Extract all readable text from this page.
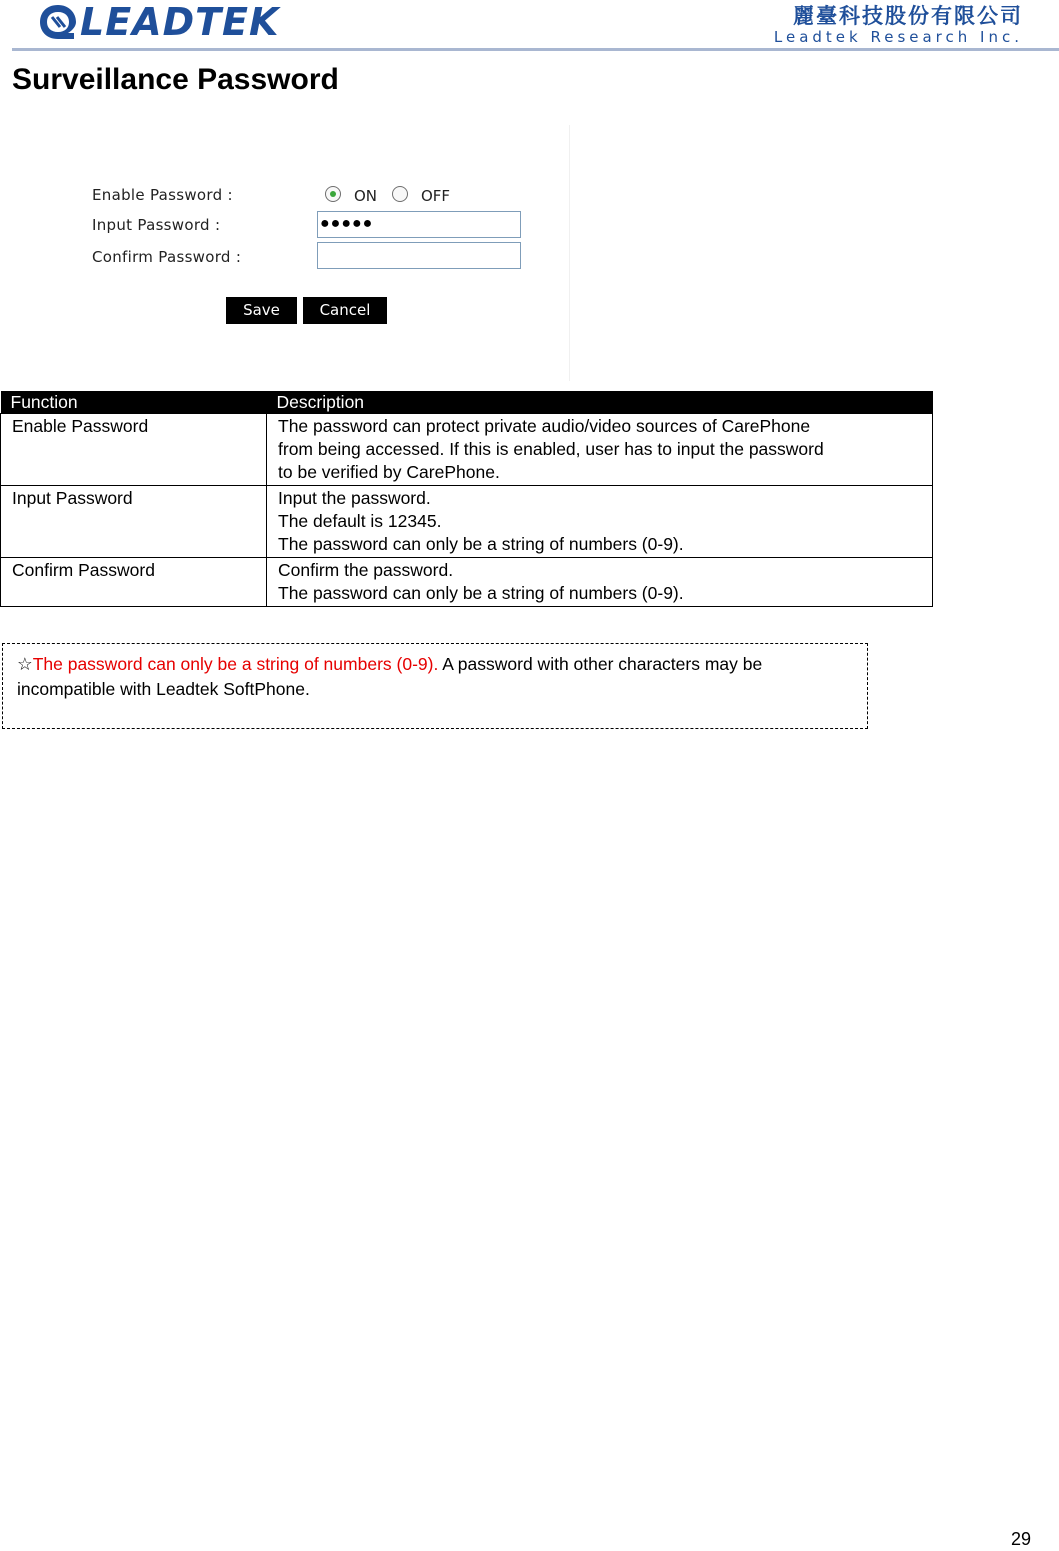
LEADTEK	麗臺科技股份有限公司
Leadtek Research Inc.
Surveillance Password
Enable Password :	ON	OFF
Input Password :	●●●●●
Confirm Password :
Save	Cancel
Function	Description
Enable Password	The password can protect private audio/video sources of CarePhone
from being accessed. If this is enabled, user has to input the password
to be verified by CarePhone.

Input Password	Input the password.
The default is 12345.
The password can only be a string of numbers (0-9).

Confirm Password	Confirm the password.
The password can only be a string of numbers (0-9).
☆The password can only be a string of numbers (0-9). A password with other characters may be incompatible with Leadtek SoftPhone.
29
